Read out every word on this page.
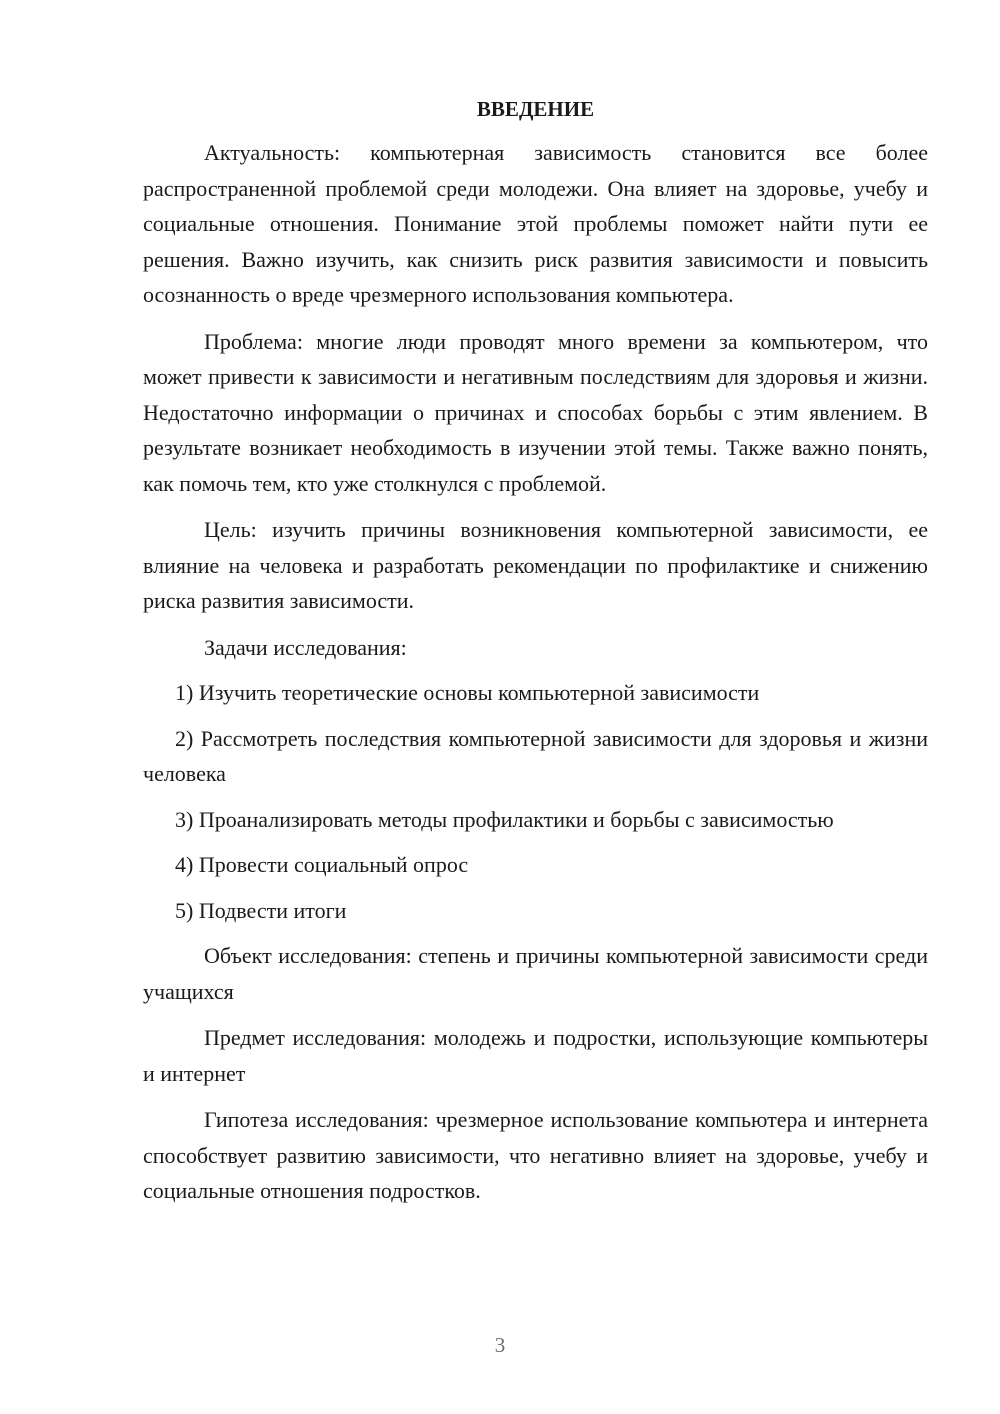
ВВЕДЕНИЕ

Актуальность: компьютерная зависимость становится все более распространенной проблемой среди молодежи. Она влияет на здоровье, учебу и социальные отношения. Понимание этой проблемы поможет найти пути ее решения. Важно изучить, как снизить риск развития зависимости и повысить осознанность о вреде чрезмерного использования компьютера.

Проблема: многие люди проводят много времени за компьютером, что может привести к зависимости и негативным последствиям для здоровья и жизни. Недостаточно информации о причинах и способах борьбы с этим явлением. В результате возникает необходимость в изучении этой темы. Также важно понять, как помочь тем, кто уже столкнулся с проблемой.

Цель: изучить причины возникновения компьютерной зависимости, ее влияние на человека и разработать рекомендации по профилактике и снижению риска развития зависимости.

Задачи исследования:

1) Изучить теоретические основы компьютерной зависимости

2) Рассмотреть последствия компьютерной зависимости для здоровья и жизни человека

3) Проанализировать методы профилактики и борьбы с зависимостью

4) Провести социальный опрос

5) Подвести итоги

Объект исследования: степень и причины компьютерной зависимости среди учащихся

Предмет исследования: молодежь и подростки, использующие компьютеры и интернет

Гипотеза исследования: чрезмерное использование компьютера и интернета способствует развитию зависимости, что негативно влияет на здоровье, учебу и социальные отношения подростков.

3
